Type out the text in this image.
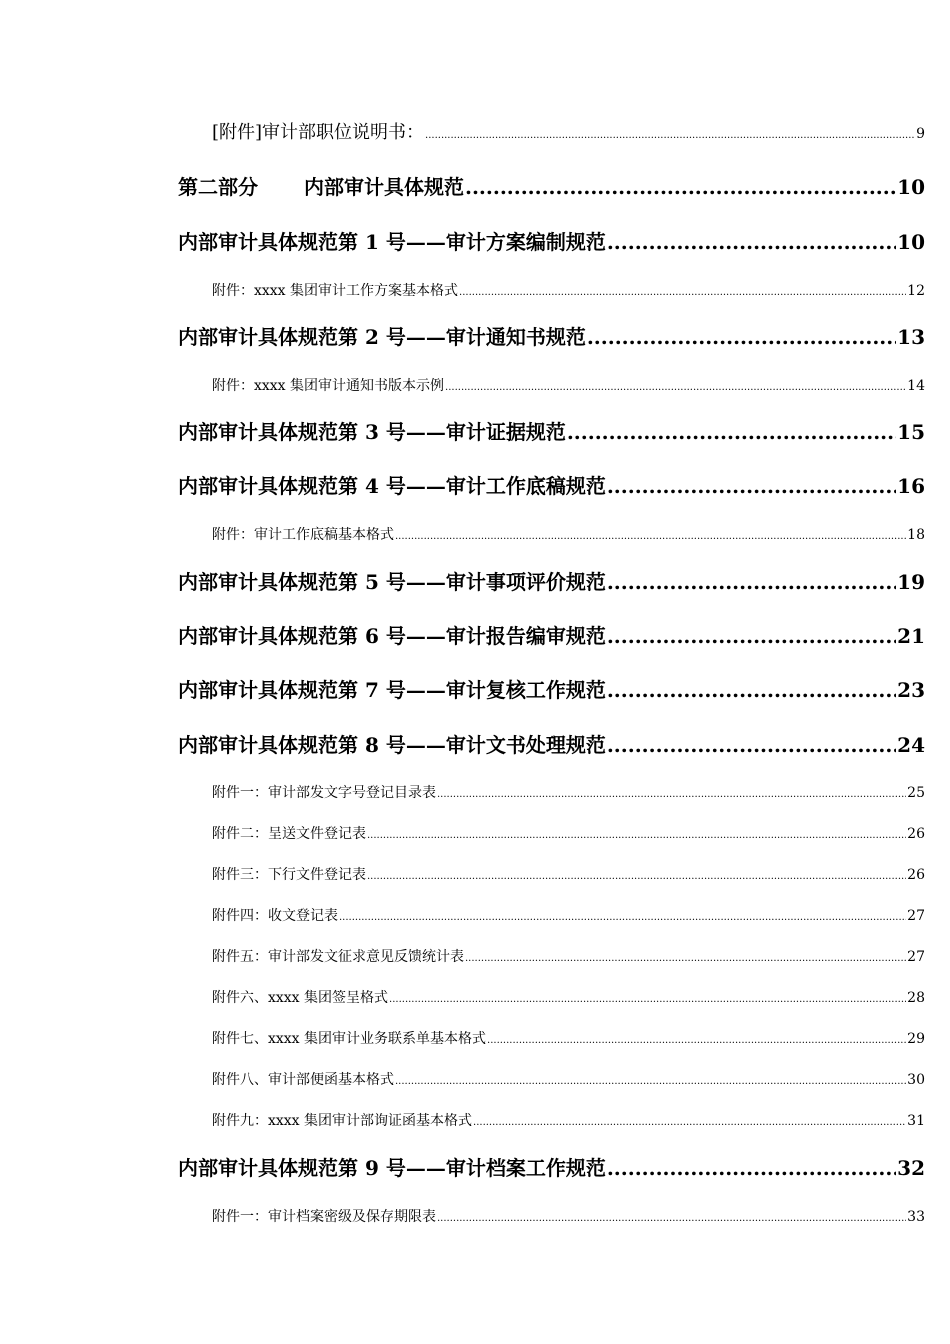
[附件]审计部职位说明书： .....	9
第二部分 内部审计具体规范 .....	10
内部审计具体规范第 1 号——审计方案编制规范 .....	10
附件：xxxx 集团审计工作方案基本格式 .....	12
内部审计具体规范第 2 号——审计通知书规范 .....	13
附件：xxxx 集团审计通知书版本示例 .....	14
内部审计具体规范第 3 号——审计证据规范 .....	15
内部审计具体规范第 4 号——审计工作底稿规范 .....	16
附件：审计工作底稿基本格式 .....	18
内部审计具体规范第 5 号——审计事项评价规范 .....	19
内部审计具体规范第 6 号——审计报告编审规范 .....	21
内部审计具体规范第 7 号——审计复核工作规范 .....	23
内部审计具体规范第 8 号——审计文书处理规范 .....	24
附件一：审计部发文字号登记目录表 .....	25
附件二：呈送文件登记表 .....	26
附件三：下行文件登记表 .....	26
附件四：收文登记表 .....	27
附件五：审计部发文征求意见反馈统计表 .....	27
附件六、xxxx 集团签呈格式 .....	28
附件七、xxxx 集团审计业务联系单基本格式 .....	29
附件八、审计部便函基本格式 .....	30
附件九：xxxx 集团审计部询证函基本格式 .....	31
内部审计具体规范第 9 号——审计档案工作规范 .....	32
附件一：审计档案密级及保存期限表 .....	33
